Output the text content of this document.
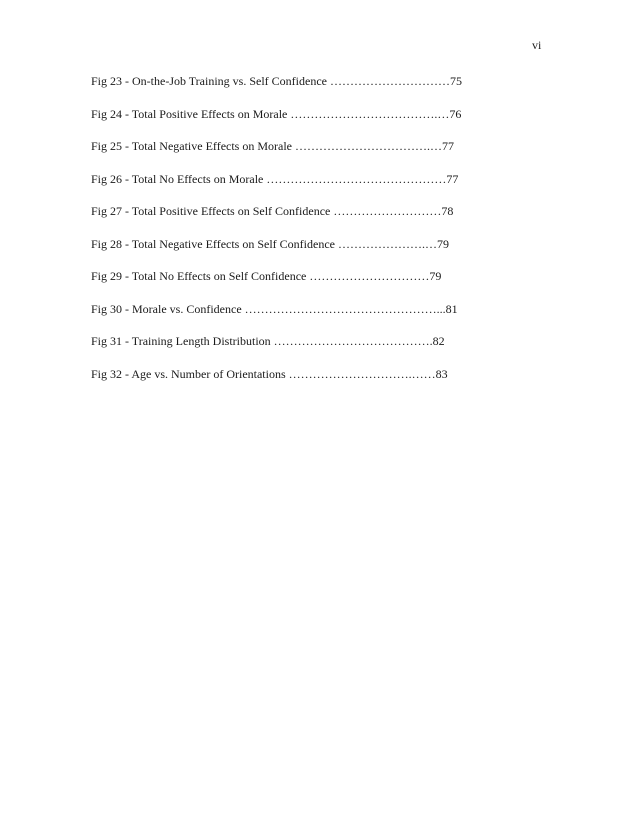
vi
Fig 23 - On-the-Job Training vs. Self Confidence …………………………75
Fig 24 - Total Positive Effects on Morale ……………………………….…76
Fig 25 - Total Negative Effects on Morale …………………………….…77
Fig 26 - Total No Effects on Morale ………………………………………77
Fig 27 - Total Positive Effects on Self Confidence ………………………78
Fig 28 - Total Negative Effects on Self Confidence ………………….…79
Fig 29 - Total No Effects on Self Confidence …………………………79
Fig 30 - Morale vs. Confidence …………………………………………...81
Fig 31 - Training Length Distribution ………………………………….82
Fig 32 - Age vs. Number of Orientations ………………………….……83
